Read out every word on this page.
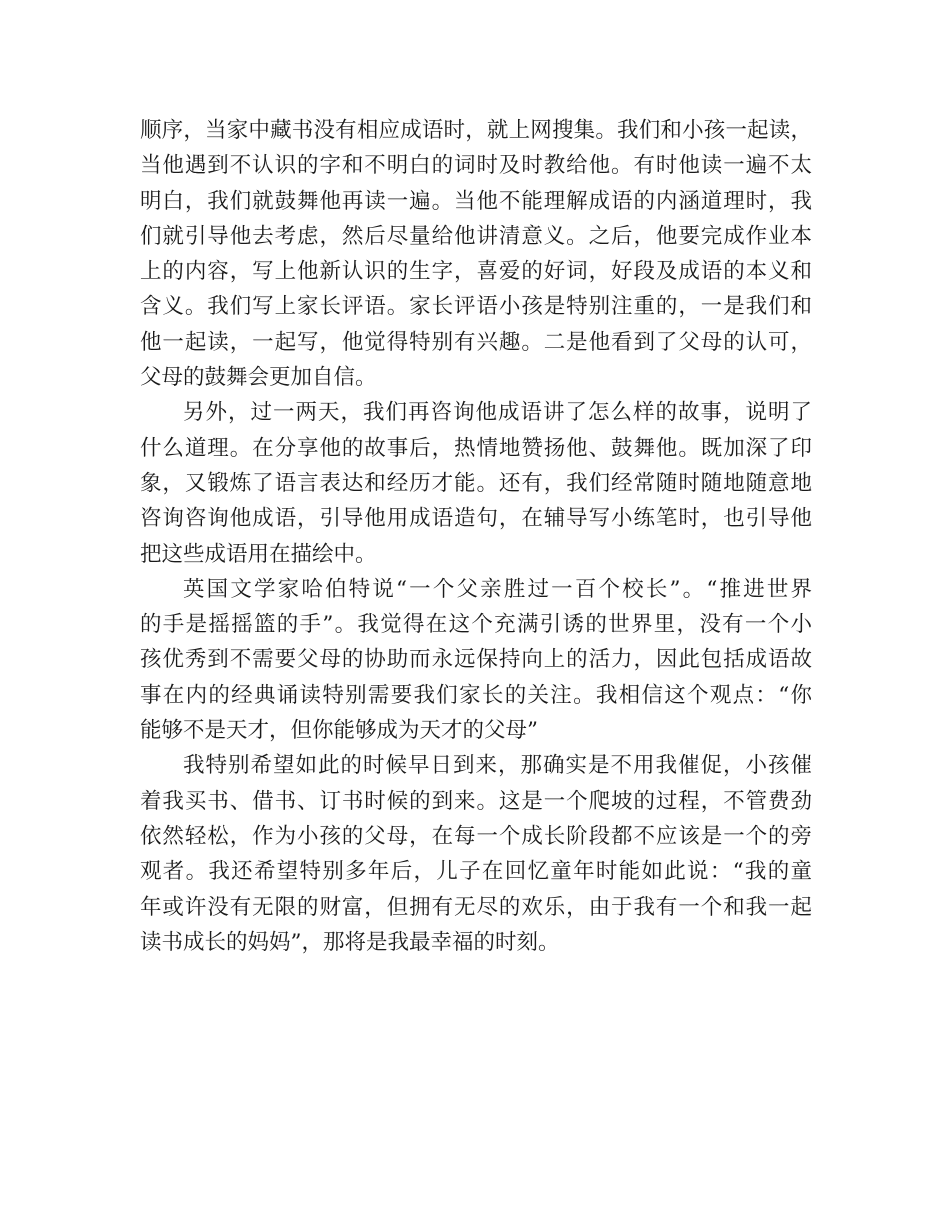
顺序，当家中藏书没有相应成语时，就上网搜集。我们和小孩一起读，
当他遇到不认识的字和不明白的词时及时教给他。有时他读一遍不太
明白，我们就鼓舞他再读一遍。当他不能理解成语的内涵道理时，我
们就引导他去考虑，然后尽量给他讲清意义。之后，他要完成作业本
上的内容，写上他新认识的生字，喜爱的好词，好段及成语的本义和
含义。我们写上家长评语。家长评语小孩是特别注重的，一是我们和
他一起读，一起写，他觉得特别有兴趣。二是他看到了父母的认可，
父母的鼓舞会更加自信。
另外，过一两天，我们再咨询他成语讲了怎么样的故事，说明了
什么道理。在分享他的故事后，热情地赞扬他、鼓舞他。既加深了印
象，又锻炼了语言表达和经历才能。还有，我们经常随时随地随意地
咨询咨询他成语，引导他用成语造句，在辅导写小练笔时，也引导他
把这些成语用在描绘中。
英国文学家哈伯特说“一个父亲胜过一百个校长”。“推进世界
的手是摇摇篮的手”。我觉得在这个充满引诱的世界里，没有一个小
孩优秀到不需要父母的协助而永远保持向上的活力，因此包括成语故
事在内的经典诵读特别需要我们家长的关注。我相信这个观点：“你
能够不是天才，但你能够成为天才的父母”
我特别希望如此的时候早日到来，那确实是不用我催促，小孩催
着我买书、借书、订书时候的到来。这是一个爬坡的过程，不管费劲
依然轻松，作为小孩的父母，在每一个成长阶段都不应该是一个的旁
观者。我还希望特别多年后，儿子在回忆童年时能如此说：“我的童
年或许没有无限的财富，但拥有无尽的欢乐，由于我有一个和我一起
读书成长的妈妈”，那将是我最幸福的时刻。
